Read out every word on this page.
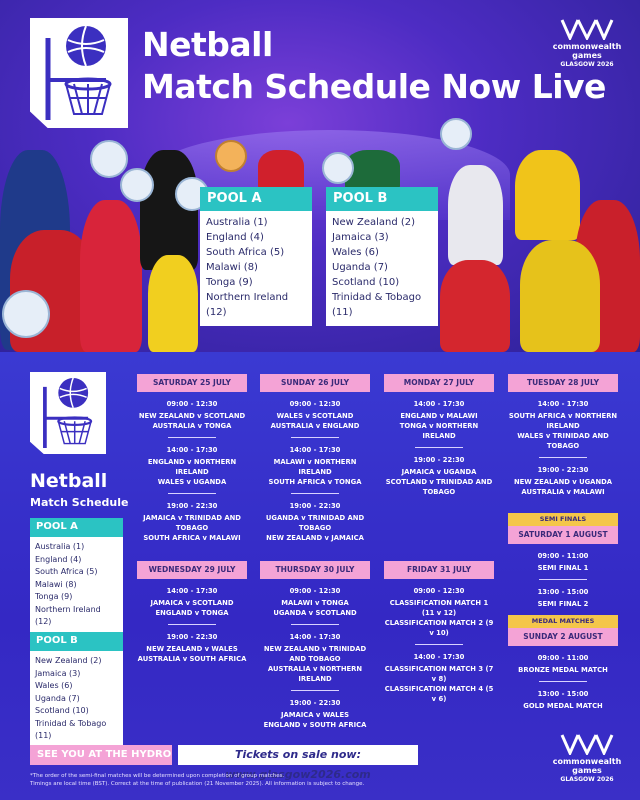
Netball
Match Schedule Now Live
commonwealth
games
GLASGOW 2026
POOL A
Australia (1)
England (4)
South Africa (5)
Malawi (8)
Tonga (9)
Northern Ireland (12)
POOL B
New Zealand (2)
Jamaica (3)
Wales (6)
Uganda (7)
Scotland (10)
Trinidad & Tobago (11)
Netball
Match Schedule
POOL A
Australia (1)
England (4)
South Africa (5)
Malawi (8)
Tonga (9)
Northern Ireland (12)
POOL B
New Zealand (2)
Jamaica (3)
Wales (6)
Uganda (7)
Scotland (10)
Trinidad & Tobago (11)
SATURDAY 25 JULY
09:00 - 12:30
NEW ZEALAND v SCOTLAND
AUSTRALIA v TONGA
14:00 - 17:30
ENGLAND v NORTHERN IRELAND
WALES v UGANDA
19:00 - 22:30
JAMAICA v TRINIDAD AND TOBAGO
SOUTH AFRICA v MALAWI
SUNDAY 26 JULY
09:00 - 12:30
WALES v SCOTLAND
AUSTRALIA v ENGLAND
14:00 - 17:30
MALAWI v NORTHERN IRELAND
SOUTH AFRICA v TONGA
19:00 - 22:30
UGANDA v TRINIDAD AND TOBAGO
NEW ZEALAND v JAMAICA
MONDAY 27 JULY
14:00 - 17:30
ENGLAND v MALAWI
TONGA v NORTHERN IRELAND
19:00 - 22:30
JAMAICA v UGANDA
SCOTLAND v TRINIDAD AND TOBAGO
TUESDAY 28 JULY
14:00 - 17:30
SOUTH AFRICA v NORTHERN IRELAND
WALES v TRINIDAD AND TOBAGO
19:00 - 22:30
NEW ZEALAND v UGANDA
AUSTRALIA v MALAWI
WEDNESDAY 29 JULY
14:00 - 17:30
JAMAICA v SCOTLAND
ENGLAND v TONGA
19:00 - 22:30
NEW ZEALAND v WALES
AUSTRALIA v SOUTH AFRICA
THURSDAY 30 JULY
09:00 - 12:30
MALAWI v TONGA
UGANDA v SCOTLAND
14:00 - 17:30
NEW ZEALAND v TRINIDAD AND TOBAGO
AUSTRALIA v NORTHERN IRELAND
19:00 - 22:30
JAMAICA v WALES
ENGLAND v SOUTH AFRICA
FRIDAY 31 JULY
09:00 - 12:30
CLASSIFICATION MATCH 1 (11 v 12)
CLASSIFICATION MATCH 2 (9 v 10)
14:00 - 17:30
CLASSIFICATION MATCH 3 (7 v 8)
CLASSIFICATION MATCH 4 (5 v 6)
SEMI FINALS
SATURDAY 1 AUGUST
09:00 - 11:00
SEMI FINAL 1
13:00 - 15:00
SEMI FINAL 2
MEDAL MATCHES
SUNDAY 2 AUGUST
09:00 - 11:00
BRONZE MEDAL MATCH
13:00 - 15:00
GOLD MEDAL MATCH
SEE YOU AT THE HYDRO	Tickets on sale now: www.glasgow2026.com
commonwealth
games
GLASGOW 2026
*The order of the semi-final matches will be determined upon completion of group matches.
Timings are local time (BST). Correct at the time of publication (21 November 2025). All information is subject to change.
